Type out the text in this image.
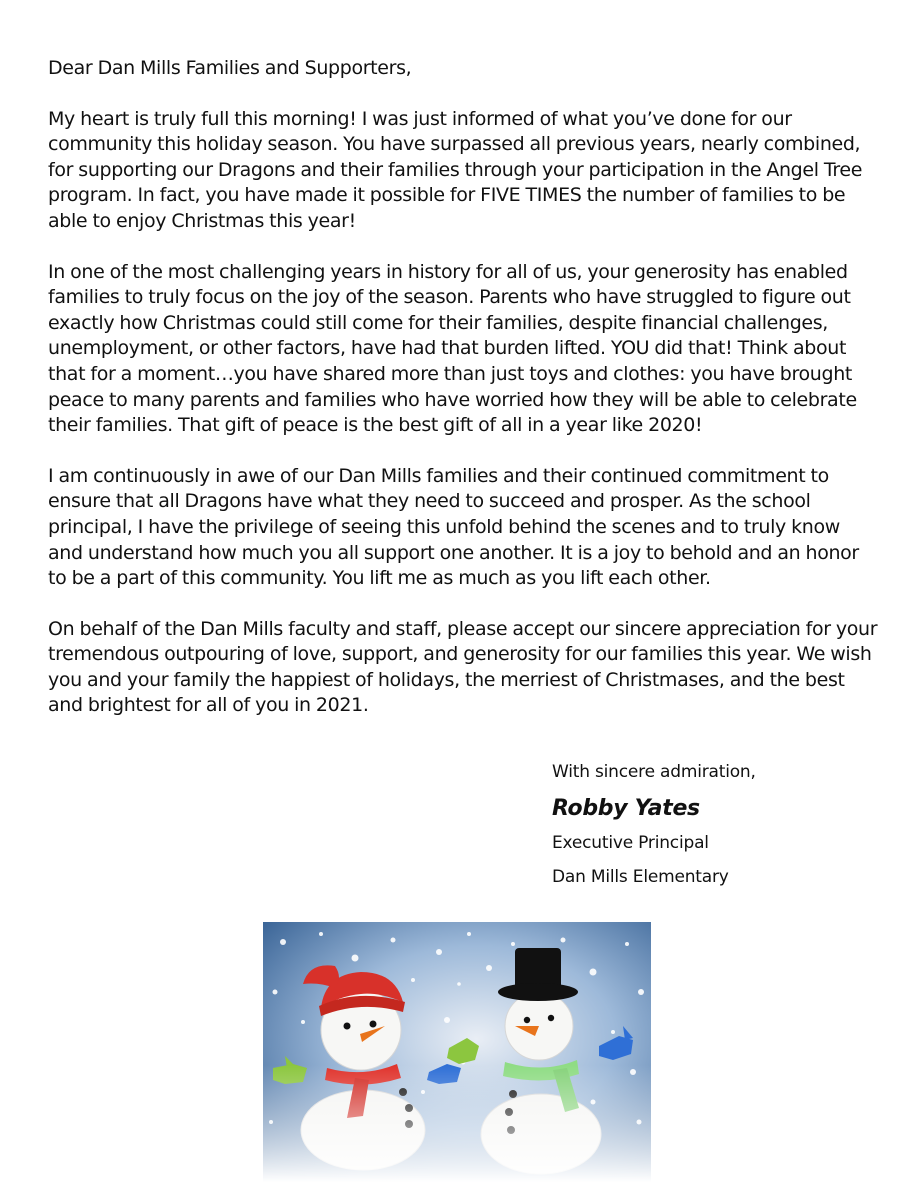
Dear Dan Mills Families and Supporters,

My heart is truly full this morning! I was just informed of what you’ve done for our community this holiday season. You have surpassed all previous years, nearly combined, for supporting our Dragons and their families through your participation in the Angel Tree program. In fact, you have made it possible for FIVE TIMES the number of families to be able to enjoy Christmas this year!

In one of the most challenging years in history for all of us, your generosity has enabled families to truly focus on the joy of the season. Parents who have struggled to figure out exactly how Christmas could still come for their families, despite financial challenges, unemployment, or other factors, have had that burden lifted. YOU did that! Think about that for a moment…you have shared more than just toys and clothes: you have brought peace to many parents and families who have worried how they will be able to celebrate their families. That gift of peace is the best gift of all in a year like 2020!

I am continuously in awe of our Dan Mills families and their continued commitment to ensure that all Dragons have what they need to succeed and prosper. As the school principal, I have the privilege of seeing this unfold behind the scenes and to truly know and understand how much you all support one another. It is a joy to behold and an honor to be a part of this community. You lift me as much as you lift each other.

On behalf of the Dan Mills faculty and staff, please accept our sincere appreciation for your tremendous outpouring of love, support, and generosity for our families this year. We wish you and your family the happiest of holidays, the merriest of Christmases, and the best and brightest for all of you in 2021.

With sincere admiration,
Robby Yates
Executive Principal
Dan Mills Elementary
